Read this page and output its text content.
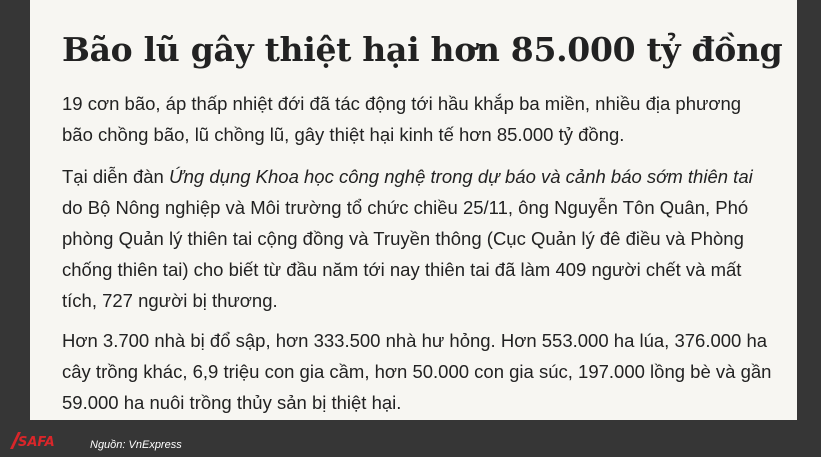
Bão lũ gây thiệt hại hơn 85.000 tỷ đồng

19 cơn bão, áp thấp nhiệt đới đã tác động tới hầu khắp ba miền, nhiều địa phương bão chồng bão, lũ chồng lũ, gây thiệt hại kinh tế hơn 85.000 tỷ đồng.

Tại diễn đàn Ứng dụng Khoa học công nghệ trong dự báo và cảnh báo sớm thiên tai do Bộ Nông nghiệp và Môi trường tổ chức chiều 25/11, ông Nguyễn Tôn Quân, Phó phòng Quản lý thiên tai cộng đồng và Truyền thông (Cục Quản lý đê điều và Phòng chống thiên tai) cho biết từ đầu năm tới nay thiên tai đã làm 409 người chết và mất tích, 727 người bị thương.

Hơn 3.700 nhà bị đổ sập, hơn 333.500 nhà hư hỏng. Hơn 553.000 ha lúa, 376.000 ha cây trồng khác, 6,9 triệu con gia cầm, hơn 50.000 con gia súc, 197.000 lồng bè và gần 59.000 ha nuôi trồng thủy sản bị thiệt hại.

SAFA	Nguồn: VnExpress
